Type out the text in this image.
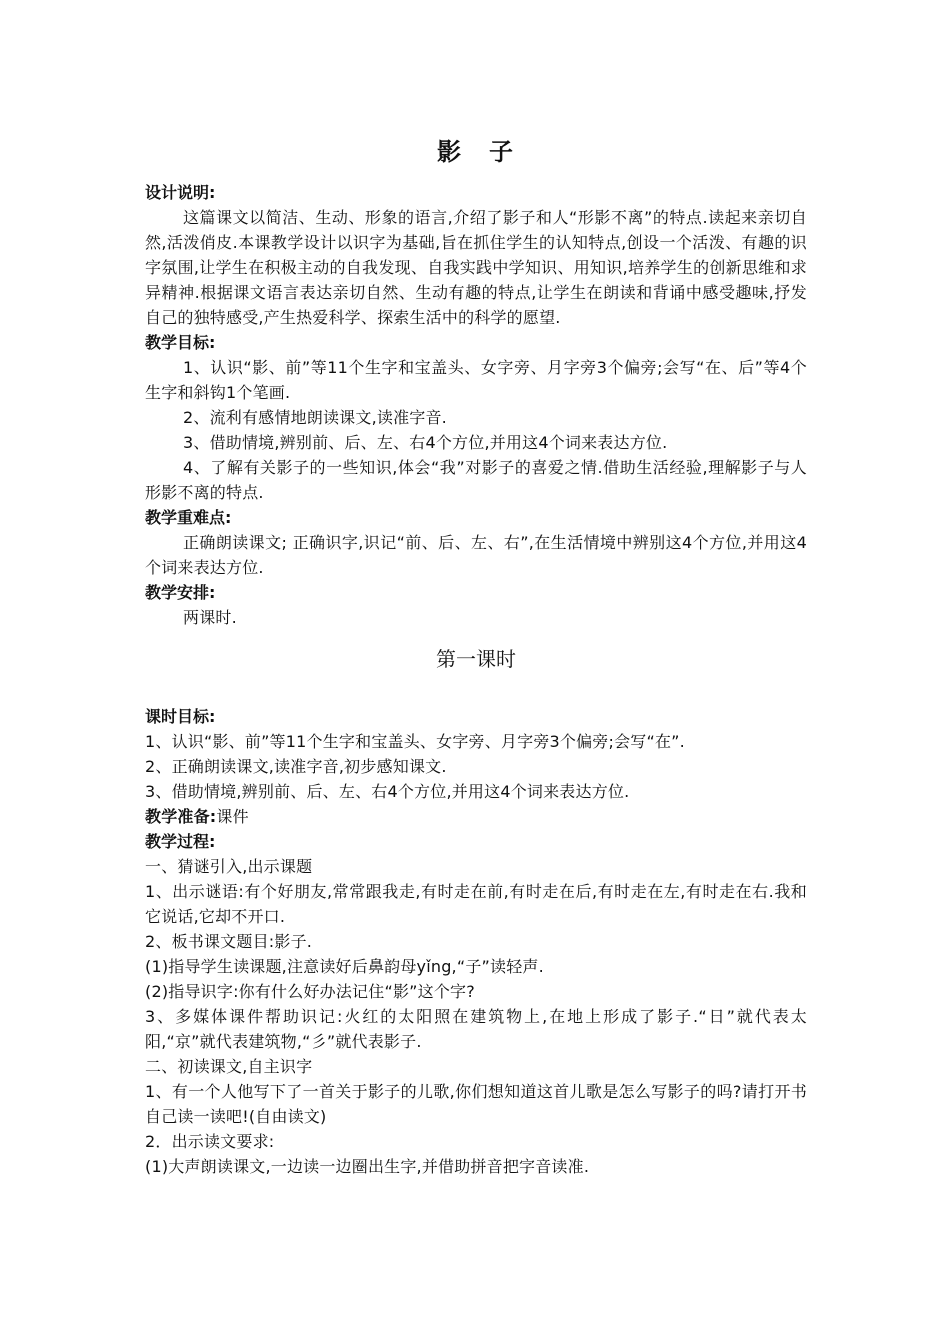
影 子
设计说明:
这篇课文以简洁、生动、形象的语言,介绍了影子和人“形影不离”的特点.读起来亲切自然,活泼俏皮.本课教学设计以识字为基础,旨在抓住学生的认知特点,创设一个活泼、有趣的识字氛围,让学生在积极主动的自我发现、自我实践中学知识、用知识,培养学生的创新思维和求异精神.根据课文语言表达亲切自然、生动有趣的特点,让学生在朗读和背诵中感受趣味,抒发自己的独特感受,产生热爱科学、探索生活中的科学的愿望.
教学目标:
1、认识“影、前”等11个生字和宝盖头、女字旁、月字旁3个偏旁;会写“在、后”等4个生字和斜钩1个笔画.
2、流利有感情地朗读课文,读准字音.
3、借助情境,辨别前、后、左、右4个方位,并用这4个词来表达方位.
4、了解有关影子的一些知识,体会“我”对影子的喜爱之情.借助生活经验,理解影子与人形影不离的特点.
教学重难点:
正确朗读课文; 正确识字,识记“前、后、左、右”,在生活情境中辨别这4个方位,并用这4个词来表达方位.
教学安排:
两课时.
第一课时
课时目标:
1、认识“影、前”等11个生字和宝盖头、女字旁、月字旁3个偏旁;会写“在”.
2、正确朗读课文,读准字音,初步感知课文.
3、借助情境,辨别前、后、左、右4个方位,并用这4个词来表达方位.
教学准备:课件
教学过程:
一、猜谜引入,出示课题
1、出示谜语:有个好朋友,常常跟我走,有时走在前,有时走在后,有时走在左,有时走在右.我和它说话,它却不开口.
2、板书课文题目:影子.
(1)指导学生读课题,注意读好后鼻韵母yǐng,“子”读轻声.
(2)指导识字:你有什么好办法记住“影”这个字?
3、多媒体课件帮助识记:火红的太阳照在建筑物上,在地上形成了影子.“日”就代表太阳,“京”就代表建筑物,“彡”就代表影子.
二、初读课文,自主识字
1、有一个人他写下了一首关于影子的儿歌,你们想知道这首儿歌是怎么写影子的吗?请打开书自己读一读吧!(自由读文)
2．出示读文要求:
(1)大声朗读课文,一边读一边圈出生字,并借助拼音把字音读准.
